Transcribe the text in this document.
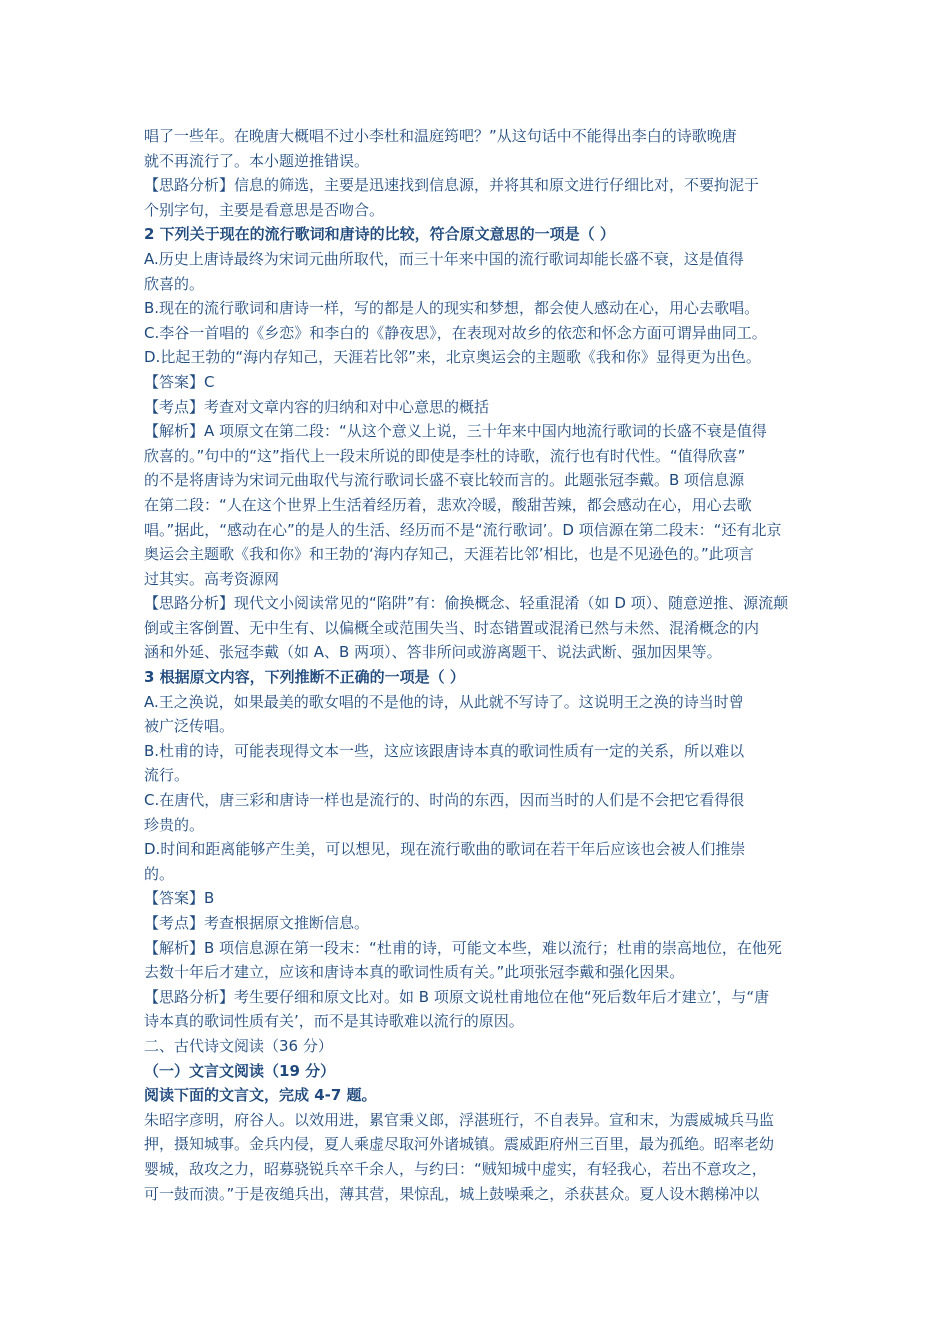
唱了一些年。在晚唐大概唱不过小李杜和温庭筠吧？”从这句话中不能得出李白的诗歌晚唐

就不再流行了。本小题逆推错误。

【思路分析】信息的筛选，主要是迅速找到信息源，并将其和原文进行仔细比对，不要拘泥于

个别字句，主要是看意思是否吻合。

2 下列关于现在的流行歌词和唐诗的比较，符合原文意思的一项是（ ）

A.历史上唐诗最终为宋词元曲所取代，而三十年来中国的流行歌词却能长盛不衰，这是值得

欣喜的。

B.现在的流行歌词和唐诗一样，写的都是人的现实和梦想，都会使人感动在心，用心去歌唱。

C.李谷一首唱的《乡恋》和李白的《静夜思》，在表现对故乡的依恋和怀念方面可谓异曲同工。

D.比起王勃的“海内存知己，天涯若比邻”来，北京奥运会的主题歌《我和你》显得更为出色。

【答案】C

【考点】考查对文章内容的归纳和对中心意思的概括

【解析】A 项原文在第二段：“从这个意义上说，三十年来中国内地流行歌词的长盛不衰是值得

欣喜的。”句中的“这”指代上一段末所说的即使是李杜的诗歌，流行也有时代性。“值得欣喜”

的不是将唐诗为宋词元曲取代与流行歌词长盛不衰比较而言的。此题张冠李戴。B 项信息源

在第二段：“人在这个世界上生活着经历着，悲欢冷暖，酸甜苦辣，都会感动在心，用心去歌

唱。”据此，“感动在心”的是人的生活、经历而不是“流行歌词’。D 项信源在第二段末：“还有北京

奥运会主题歌《我和你》和王勃的‘海内存知己，天涯若比邻’相比，也是不见逊色的。”此项言

过其实。高考资源网

【思路分析】现代文小阅读常见的“陷阱”有：偷换概念、轻重混淆（如 D 项）、随意逆推、源流颠

倒或主客倒置、无中生有、以偏概全或范围失当、时态错置或混淆已然与未然、混淆概念的内

涵和外延、张冠李戴（如 A、B 两项）、答非所问或游离题干、说法武断、强加因果等。

3 根据原文内容，下列推断不正确的一项是（ ）

A.王之涣说，如果最美的歌女唱的不是他的诗，从此就不写诗了。这说明王之涣的诗当时曾

被广泛传唱。

B.杜甫的诗，可能表现得文本一些，这应该跟唐诗本真的歌词性质有一定的关系，所以难以

流行。

C.在唐代，唐三彩和唐诗一样也是流行的、时尚的东西，因而当时的人们是不会把它看得很

珍贵的。

D.时间和距离能够产生美，可以想见，现在流行歌曲的歌词在若干年后应该也会被人们推崇

的。

【答案】B

【考点】考查根据原文推断信息。

【解析】B 项信息源在第一段末：“杜甫的诗，可能文本些，难以流行；杜甫的崇高地位，在他死

去数十年后才建立，应该和唐诗本真的歌词性质有关。”此项张冠李戴和强化因果。

【思路分析】考生要仔细和原文比对。如 B 项原文说杜甫地位在他“死后数年后才建立’，与“唐

诗本真的歌词性质有关’，而不是其诗歌难以流行的原因。

二、古代诗文阅读（36 分）

（一）文言文阅读（19 分）

阅读下面的文言文，完成 4-7 题。

朱昭字彦明，府谷人。以效用进，累官秉义郎，浮湛班行，不自表异。宣和末，为震威城兵马监

押，摄知城事。金兵内侵，夏人乘虚尽取河外诸城镇。震威距府州三百里，最为孤绝。昭率老幼

婴城，敌攻之力，昭募骁锐兵卒千余人，与约曰：“贼知城中虚实，有轻我心，若出不意攻之，

可一鼓而溃。”于是夜缒兵出，薄其营，果惊乱，城上鼓噪乘之，杀获甚众。夏人设木鹅梯冲以
